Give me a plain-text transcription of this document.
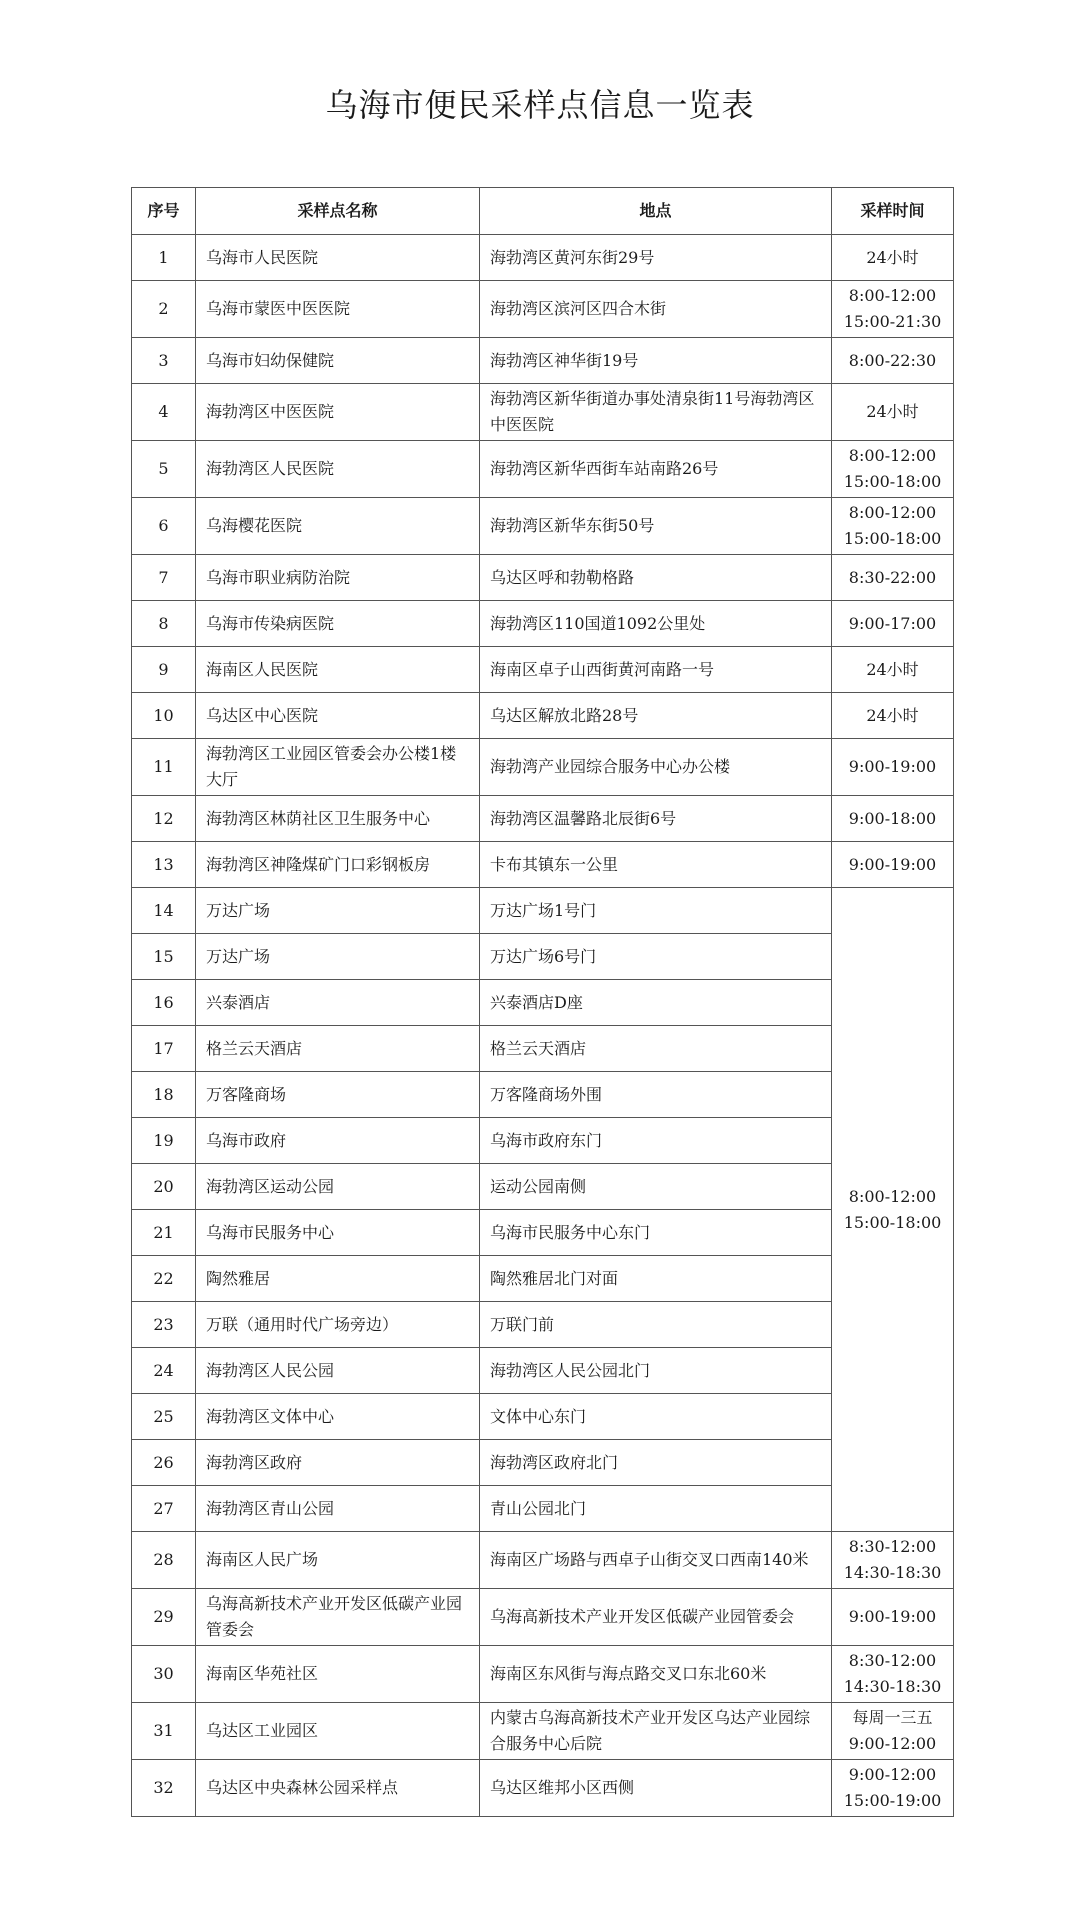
乌海市便民采样点信息一览表
序号	采样点名称	地点	采样时间
1	乌海市人民医院	海勃湾区黄河东街29号	24小时

2	乌海市蒙医中医医院	海勃湾区滨河区四合木街	8:00-12:00
15:00-21:30

3	乌海市妇幼保健院	海勃湾区神华街19号	8:00-22:30

4	海勃湾区中医医院	海勃湾区新华街道办事处清泉街11号海勃湾区中医医院	24小时

5	海勃湾区人民医院	海勃湾区新华西街车站南路26号	8:00-12:00
15:00-18:00

6	乌海樱花医院	海勃湾区新华东街50号	8:00-12:00
15:00-18:00

7	乌海市职业病防治院	乌达区呼和勃勒格路	8:30-22:00

8	乌海市传染病医院	海勃湾区110国道1092公里处	9:00-17:00

9	海南区人民医院	海南区卓子山西街黄河南路一号	24小时

10	乌达区中心医院	乌达区解放北路28号	24小时

11	海勃湾区工业园区管委会办公楼1楼大厅	海勃湾产业园综合服务中心办公楼	9:00-19:00

12	海勃湾区林荫社区卫生服务中心	海勃湾区温馨路北辰街6号	9:00-18:00

13	海勃湾区神隆煤矿门口彩钢板房	卡布其镇东一公里	9:00-19:00

14	万达广场	万达广场1号门	8:00-12:00
15:00-18:00

15	万达广场	万达广场6号门	
16	兴泰酒店	兴泰酒店D座	
17	格兰云天酒店	格兰云天酒店	
18	万客隆商场	万客隆商场外围	
19	乌海市政府	乌海市政府东门	
20	海勃湾区运动公园	运动公园南侧	
21	乌海市民服务中心	乌海市民服务中心东门	
22	陶然雅居	陶然雅居北门对面	
23	万联（通用时代广场旁边）	万联门前	
24	海勃湾区人民公园	海勃湾区人民公园北门	
25	海勃湾区文体中心	文体中心东门	
26	海勃湾区政府	海勃湾区政府北门	
27	海勃湾区青山公园	青山公园北门	
28	海南区人民广场	海南区广场路与西卓子山街交叉口西南140米	8:30-12:00
14:30-18:30

29	乌海高新技术产业开发区低碳产业园管委会	乌海高新技术产业开发区低碳产业园管委会	9:00-19:00

30	海南区华苑社区	海南区东风街与海点路交叉口东北60米	8:30-12:00
14:30-18:30

31	乌达区工业园区	内蒙古乌海高新技术产业开发区乌达产业园综合服务中心后院	每周一三五
9:00-12:00

32	乌达区中央森林公园采样点	乌达区维邦小区西侧	9:00-12:00
15:00-19:00
